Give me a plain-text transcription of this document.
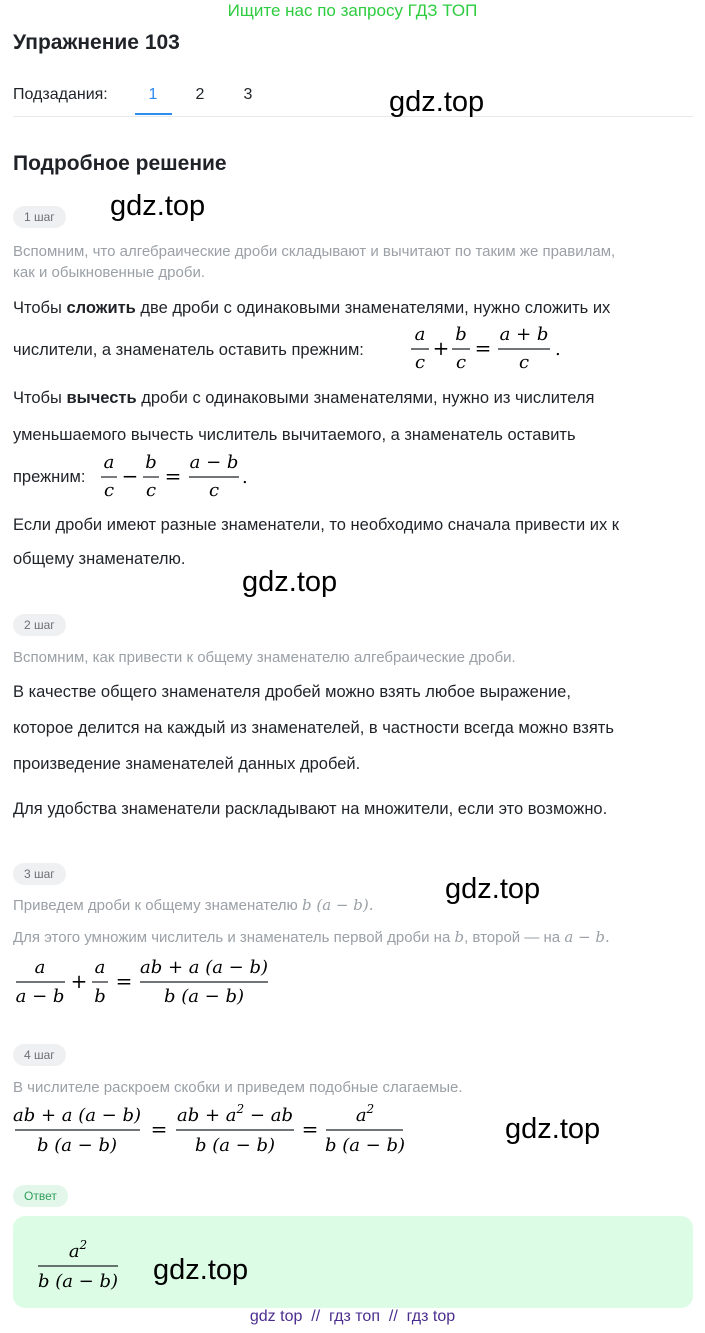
Ищите нас по запросу ГДЗ ТОП
Упражнение 103
Подзадания:	1	2	3	gdz.top
Подробное решение
1 шаг	gdz.top
Вспомним, что алгебраические дроби складывают и вычитают по таким же правилам,
как и обыкновенные дроби.
Чтобы сложить две дроби с одинаковыми знаменателями, нужно сложить их
числители, а знаменатель оставить прежним:
a
c
+
b
c
=
a + b
c
.
Чтобы вычесть дроби с одинаковыми знаменателями, нужно из числителя
уменьшаемого вычесть числитель вычитаемого, а знаменатель оставить
прежним:
a
c
−
b
c
=
a − b
c
.
Если дроби имеют разные знаменатели, то необходимо сначала привести их к
общему знаменателю.
gdz.top
2 шаг
Вспомним, как привести к общему знаменателю алгебраические дроби.
В качестве общего знаменателя дробей можно взять любое выражение,
которое делится на каждый из знаменателей, в частности всегда можно взять
произведение знаменателей данных дробей.
Для удобства знаменатели раскладывают на множители, если это возможно.
3 шаг	gdz.top
Приведем дроби к общему знаменателю b (a − b).
Для этого умножим числитель и знаменатель первой дроби на b, второй — на a − b.
a
a − b
+
a
b
=
ab + a (a − b)
b (a − b)
4 шаг
В числителе раскроем скобки и приведем подобные слагаемые.
ab + a (a − b)
b (a − b)
=
ab + $a^2$ − ab
b (a − b)
=
$a^2$
b (a − b)
gdz.top
Ответ
$a^2$
b (a − b) gdz.top
gdz top  //  гдз топ  //  гдз top
